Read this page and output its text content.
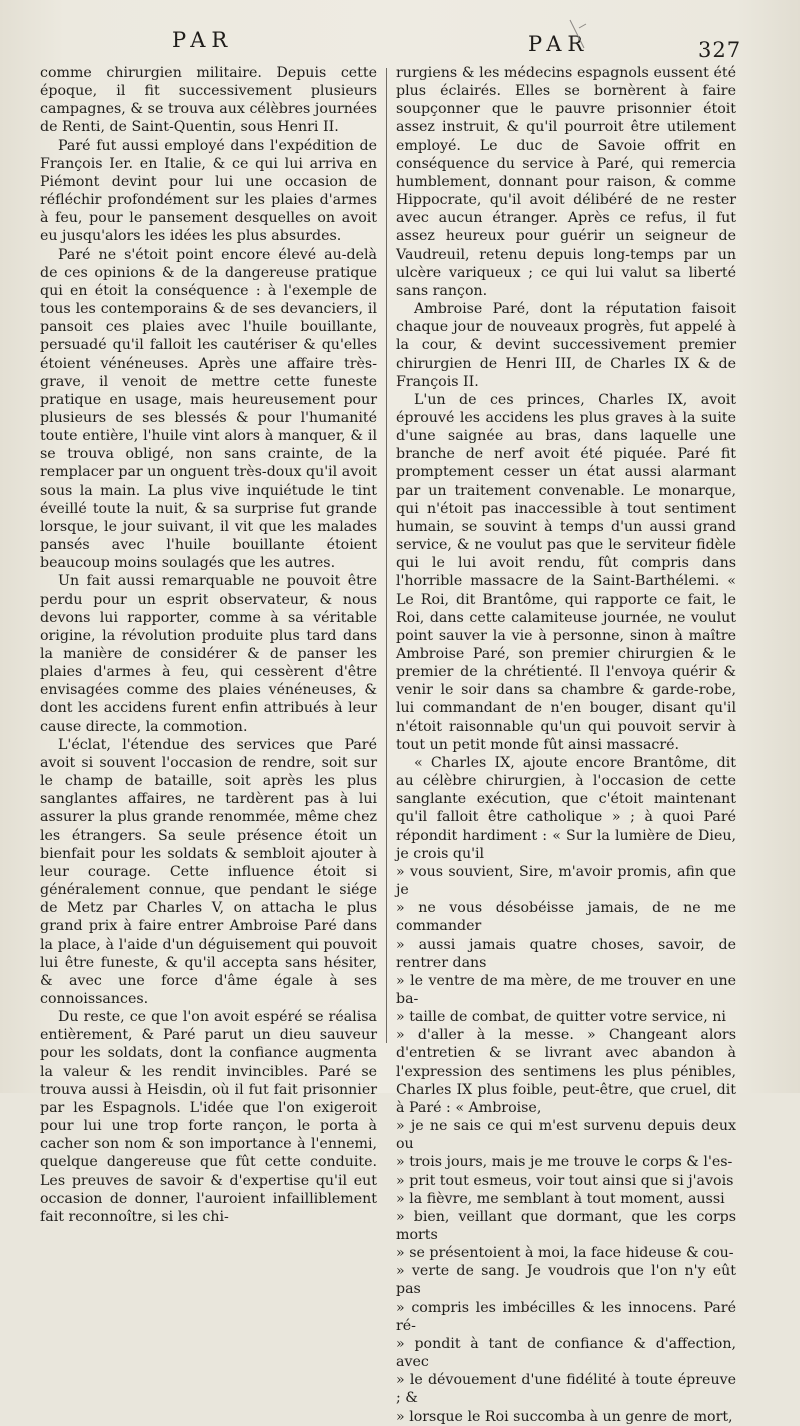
PAR	PAR	327

comme chirurgien militaire. Depuis cette époque, il fit successivement plusieurs campagnes, & se trouva aux célèbres journées de Renti, de Saint-Quentin, sous Henri II.

Paré fut aussi employé dans l'expédition de François Ier. en Italie, & ce qui lui arriva en Piémont devint pour lui une occasion de réfléchir profondément sur les plaies d'armes à feu, pour le pansement desquelles on avoit eu jusqu'alors les idées les plus absurdes.

Paré ne s'étoit point encore élevé au-delà de ces opinions & de la dangereuse pratique qui en étoit la conséquence : à l'exemple de tous les contemporains & de ses devanciers, il pansoit ces plaies avec l'huile bouillante, persuadé qu'il falloit les cautériser & qu'elles étoient vénéneuses. Après une affaire très-grave, il venoit de mettre cette funeste pratique en usage, mais heureusement pour plusieurs de ses blessés & pour l'humanité toute entière, l'huile vint alors à manquer, & il se trouva obligé, non sans crainte, de la remplacer par un onguent très-doux qu'il avoit sous la main. La plus vive inquiétude le tint éveillé toute la nuit, & sa surprise fut grande lorsque, le jour suivant, il vit que les malades pansés avec l'huile bouillante étoient beaucoup moins soulagés que les autres.

Un fait aussi remarquable ne pouvoit être perdu pour un esprit observateur, & nous devons lui rapporter, comme à sa véritable origine, la révolution produite plus tard dans la manière de considérer & de panser les plaies d'armes à feu, qui cessèrent d'être envisagées comme des plaies vénéneuses, & dont les accidens furent enfin attribués à leur cause directe, la commotion.

L'éclat, l'étendue des services que Paré avoit si souvent l'occasion de rendre, soit sur le champ de bataille, soit après les plus sanglantes affaires, ne tardèrent pas à lui assurer la plus grande renommée, même chez les étrangers. Sa seule présence étoit un bienfait pour les soldats & sembloit ajouter à leur courage. Cette influence étoit si généralement connue, que pendant le siége de Metz par Charles V, on attacha le plus grand prix à faire entrer Ambroise Paré dans la place, à l'aide d'un déguisement qui pouvoit lui être funeste, & qu'il accepta sans hésiter, & avec une force d'âme égale à ses connoissances.

Du reste, ce que l'on avoit espéré se réalisa entièrement, & Paré parut un dieu sauveur pour les soldats, dont la confiance augmenta la valeur & les rendit invincibles. Paré se trouva aussi à Heisdin, où il fut fait prisonnier par les Espagnols. L'idée que l'on exigeroit pour lui une trop forte rançon, le porta à cacher son nom & son importance à l'ennemi, quelque dangereuse que fût cette conduite. Les preuves de savoir & d'expertise qu'il eut occasion de donner, l'auroient infailliblement fait reconnoître, si les chi-

rurgiens & les médecins espagnols eussent été plus éclairés. Elles se bornèrent à faire soupçonner que le pauvre prisonnier étoit assez instruit, & qu'il pourroit être utilement employé. Le duc de Savoie offrit en conséquence du service à Paré, qui remercia humblement, donnant pour raison, & comme Hippocrate, qu'il avoit délibéré de ne rester avec aucun étranger. Après ce refus, il fut assez heureux pour guérir un seigneur de Vaudreuil, retenu depuis long-temps par un ulcère variqueux ; ce qui lui valut sa liberté sans rançon.

Ambroise Paré, dont la réputation faisoit chaque jour de nouveaux progrès, fut appelé à la cour, & devint successivement premier chirurgien de Henri III, de Charles IX & de François II.

L'un de ces princes, Charles IX, avoit éprouvé les accidens les plus graves à la suite d'une saignée au bras, dans laquelle une branche de nerf avoit été piquée. Paré fit promptement cesser un état aussi alarmant par un traitement convenable. Le monarque, qui n'étoit pas inaccessible à tout sentiment humain, se souvint à temps d'un aussi grand service, & ne voulut pas que le serviteur fidèle qui le lui avoit rendu, fût compris dans l'horrible massacre de la Saint-Barthélemi. « Le Roi, dit Brantôme, qui rapporte ce fait, le Roi, dans cette calamiteuse journée, ne voulut point sauver la vie à personne, sinon à maître Ambroise Paré, son premier chirurgien & le premier de la chrétienté. Il l'envoya quérir & venir le soir dans sa chambre & garde-robe, lui commandant de n'en bouger, disant qu'il n'étoit raisonnable qu'un qui pouvoit servir à tout un petit monde fût ainsi massacré.

« Charles IX, ajoute encore Brantôme, dit au célèbre chirurgien, à l'occasion de cette sanglante exécution, que c'étoit maintenant qu'il falloit être catholique » ; à quoi Paré répondit hardiment : « Sur la lumière de Dieu, je crois qu'il

» vous souvient, Sire, m'avoir promis, afin que je

» ne vous désobéisse jamais, de ne me commander

» aussi jamais quatre choses, savoir, de rentrer dans

» le ventre de ma mère, de me trouver en une ba-

» taille de combat, de quitter votre service, ni

» d'aller à la messe. » Changeant alors d'entretien & se livrant avec abandon à l'expression des sentimens les plus pénibles, Charles IX plus foible, peut-être, que cruel, dit à Paré : « Ambroise,

» je ne sais ce qui m'est survenu depuis deux ou

» trois jours, mais je me trouve le corps & l'es-

» prit tout esmeus, voir tout ainsi que si j'avois

» la fièvre, me semblant à tout moment, aussi

» bien, veillant que dormant, que les corps morts

» se présentoient à moi, la face hideuse & cou-

» verte de sang. Je voudrois que l'on n'y eût pas

» compris les imbécilles & les innocens. Paré ré-

» pondit à tant de confiance & d'affection, avec

» le dévouement d'une fidélité à toute épreuve ; &

» lorsque le Roi succomba à un genre de mort,
